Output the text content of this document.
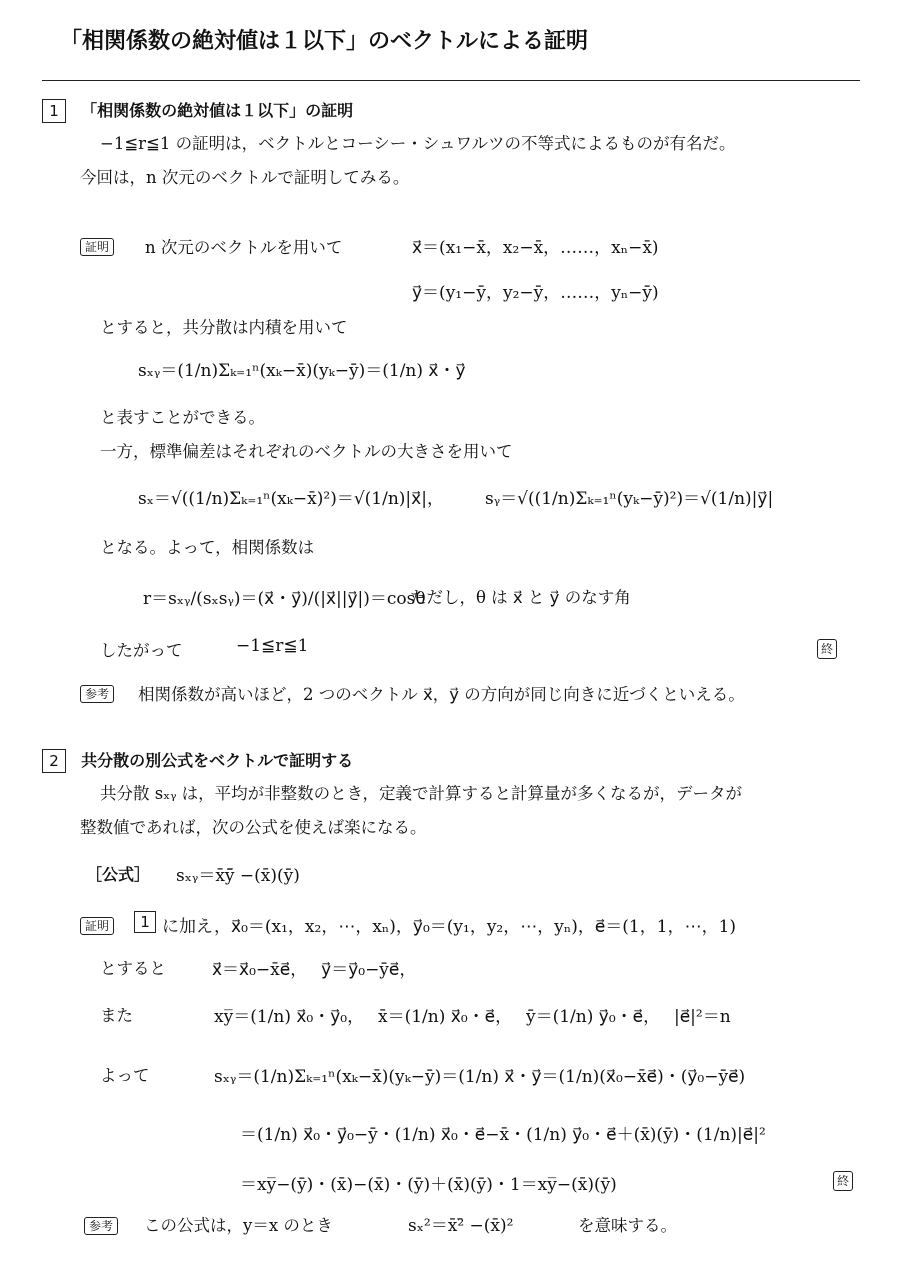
「相関係数の絶対値は１以下」のベクトルによる証明
1 「相関係数の絶対値は１以下」の証明
−1≦r≦1 の証明は，ベクトルとコーシー・シュワルツの不等式によるものが有名だ。
今回は，n 次元のベクトルで証明してみる。
証明	n 次元のベクトルを用いて	x⃗＝(x₁−x̄，x₂−x̄，……，xₙ−x̄)
y⃗＝(y₁−ȳ，y₂−ȳ，……，yₙ−ȳ)
とすると，共分散は内積を用いて
sₓᵧ＝(1/n)Σₖ₌₁ⁿ(xₖ−x̄)(yₖ−ȳ)＝(1/n) x⃗・y⃗
と表すことができる。
一方，標準偏差はそれぞれのベクトルの大きさを用いて
sₓ＝√((1/n)Σₖ₌₁ⁿ(xₖ−x̄)²)＝√(1/n)|x⃗|， sᵧ＝√((1/n)Σₖ₌₁ⁿ(yₖ−ȳ)²)＝√(1/n)|y⃗|
となる。よって，相関係数は
r＝sₓᵧ/(sₓsᵧ)＝(x⃗・y⃗)/(|x⃗||y⃗|)＝cosθ
ただし，θ は x⃗ と y⃗ のなす角
したがって	−1≦r≦1	終
参考	相関係数が高いほど，2 つのベクトル x⃗，y⃗ の方向が同じ向きに近づくといえる。
2 共分散の別公式をベクトルで証明する
共分散 sₓᵧ は，平均が非整数のとき，定義で計算すると計算量が多くなるが，データが
整数値であれば，次の公式を使えば楽になる。
［公式］ sₓᵧ＝x̄ȳ̄ −(x̄)(ȳ)
証明	1 に加え，x⃗₀＝(x₁，x₂，⋯，xₙ)，y⃗₀＝(y₁，y₂，⋯，yₙ)，e⃗＝(1，1，⋯，1)
とすると	x⃗＝x⃗₀−x̄e⃗，　 y⃗＝y⃗₀−ȳe⃗，
また	xy̅＝(1/n) x⃗₀・y⃗₀，　 x̄＝(1/n) x⃗₀・e⃗，　 ȳ＝(1/n) y⃗₀・e⃗，　 |e⃗|²＝n
よって	sₓᵧ＝(1/n)Σₖ₌₁ⁿ(xₖ−x̄)(yₖ−ȳ)＝(1/n) x⃗・y⃗＝(1/n)(x⃗₀−x̄e⃗)・(y⃗₀−ȳe⃗)
＝(1/n) x⃗₀・y⃗₀−ȳ・(1/n) x⃗₀・e⃗−x̄・(1/n) y⃗₀・e⃗＋(x̄)(ȳ)・(1/n)|e⃗|²
＝xy̅−(ȳ)・(x̄)−(x̄)・(ȳ)＋(x̄)(ȳ)・1＝xy̅−(x̄)(ȳ)	終
参考	この公式は，y＝x のとき	sₓ²＝x̄²̄ −(x̄)²	を意味する。
